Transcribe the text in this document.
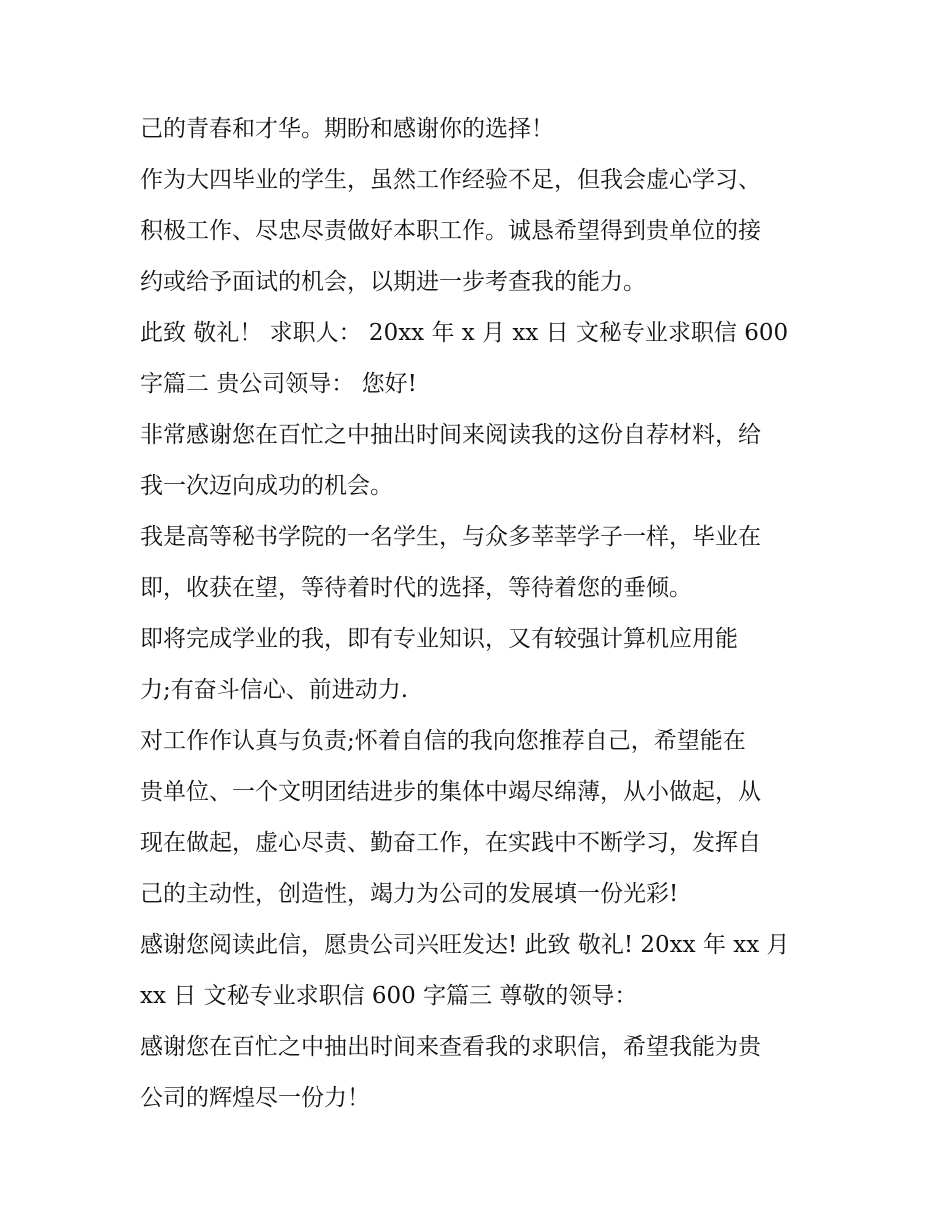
己的青春和才华。期盼和感谢你的选择！
作为大四毕业的学生，虽然工作经验不足，但我会虚心学习、
积极工作、尽忠尽责做好本职工作。诚恳希望得到贵单位的接
约或给予面试的机会，以期进一步考查我的能力。
此致 敬礼！ 求职人： 20xx 年 x 月 xx 日 文秘专业求职信 600
字篇二 贵公司领导： 您好!
非常感谢您在百忙之中抽出时间来阅读我的这份自荐材料，给
我一次迈向成功的机会。
我是高等秘书学院的一名学生，与众多莘莘学子一样，毕业在
即，收获在望，等待着时代的选择，等待着您的垂倾。
即将完成学业的我，即有专业知识，又有较强计算机应用能
力;有奋斗信心、前进动力.
对工作作认真与负责;怀着自信的我向您推荐自己，希望能在
贵单位、一个文明团结进步的集体中竭尽绵薄，从小做起，从
现在做起，虚心尽责、勤奋工作，在实践中不断学习，发挥自
己的主动性，创造性，竭力为公司的发展填一份光彩!
感谢您阅读此信，愿贵公司兴旺发达! 此致 敬礼! 20xx 年 xx 月
xx 日 文秘专业求职信 600 字篇三 尊敬的领导：
感谢您在百忙之中抽出时间来查看我的求职信，希望我能为贵
公司的辉煌尽一份力！
